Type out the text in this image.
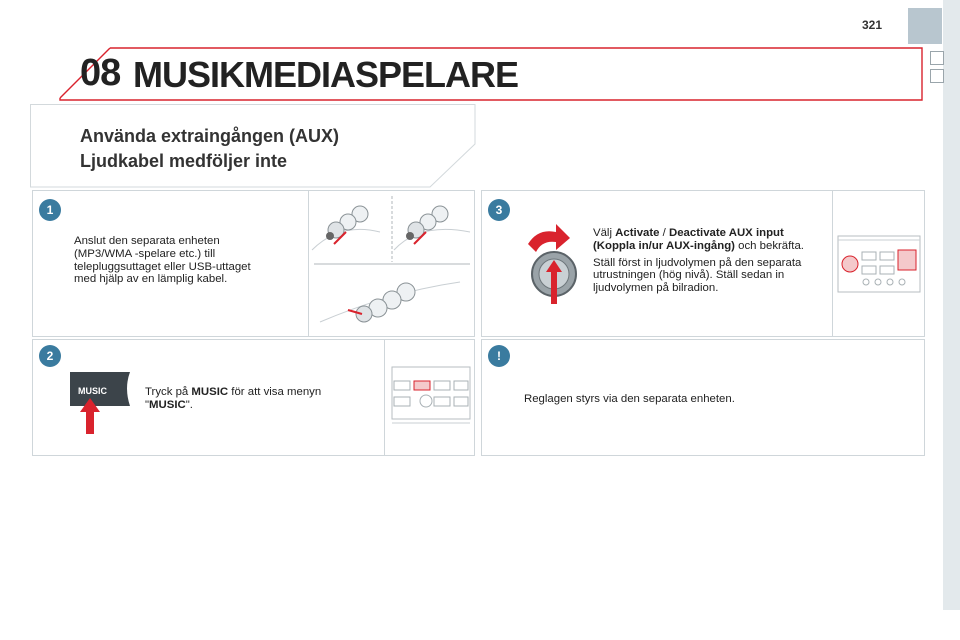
321
08 MUSIKMEDIASPELARE
Använda extraingången (AUX)
Ljudkabel medföljer inte
1
Anslut den separata enheten (MP3/WMA -spelare etc.) till telepluggsuttaget eller USB-uttaget med hjälp av en lämplig kabel.
2
MUSIC	Tryck på MUSIC för att visa menyn "MUSIC".
3
Välj Activate / Deactivate AUX input (Koppla in/ur AUX-ingång) och bekräfta.
Ställ först in ljudvolymen på den separata utrustningen (hög nivå). Ställ sedan in ljudvolymen på bilradion.
!
Reglagen styrs via den separata enheten.
